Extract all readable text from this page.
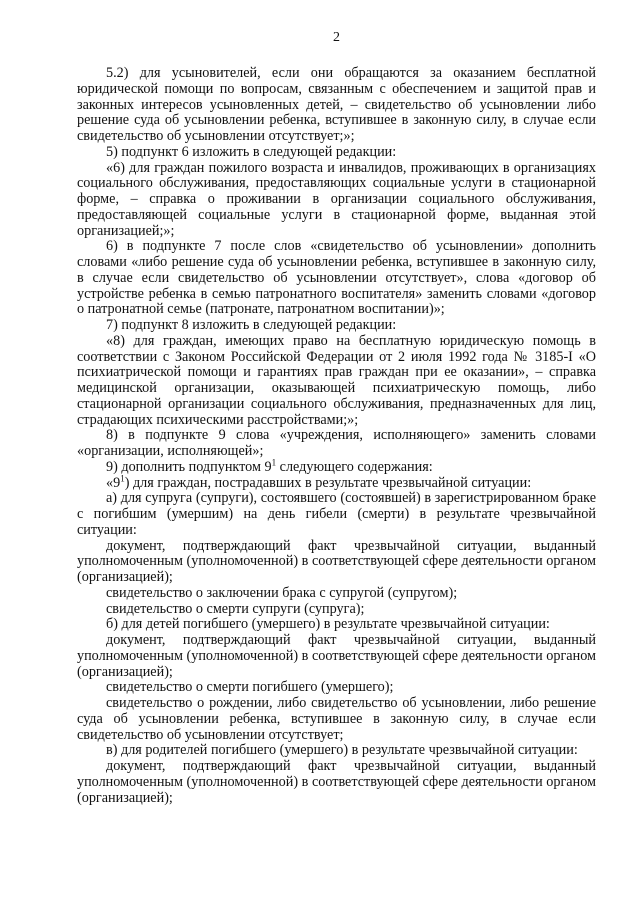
2

5.2) для усыновителей, если они обращаются за оказанием бесплатной юридической помощи по вопросам, связанным с обеспечением и защитой прав и законных интересов усыновленных детей, – свидетельство об усыновлении либо решение суда об усыновлении ребенка, вступившее в законную силу, в случае если свидетельство об усыновлении отсутствует;»;

5) подпункт 6 изложить в следующей редакции:

«6) для граждан пожилого возраста и инвалидов, проживающих в организациях социального обслуживания, предоставляющих социальные услуги в стационарной форме, – справка о проживании в организации социального обслуживания, предоставляющей социальные услуги в стационарной форме, выданная этой организацией;»;

6) в подпункте 7 после слов «свидетельство об усыновлении» дополнить словами «либо решение суда об усыновлении ребенка, вступившее в законную силу, в случае если свидетельство об усыновлении отсутствует», слова «договор об устройстве ребенка в семью патронатного воспитателя» заменить словами «договор о патронатной семье (патронате, патронатном воспитании)»;

7) подпункт 8 изложить в следующей редакции:

«8) для граждан, имеющих право на бесплатную юридическую помощь в соответствии с Законом Российской Федерации от 2 июля 1992 года № 3185-I «О психиатрической помощи и гарантиях прав граждан при ее оказании», – справка медицинской организации, оказывающей психиатрическую помощь, либо стационарной организации социального обслуживания, предназначенных для лиц, страдающих психическими расстройствами;»;

8) в подпункте 9 слова «учреждения, исполняющего» заменить словами «организации, исполняющей»;

9) дополнить подпунктом $9^1$ следующего содержания:

«$9^1$) для граждан, пострадавших в результате чрезвычайной ситуации:

а) для супруга (супруги), состоявшего (состоявшей) в зарегистрированном браке с погибшим (умершим) на день гибели (смерти) в результате чрезвычайной ситуации:

документ, подтверждающий факт чрезвычайной ситуации, выданный уполномоченным (уполномоченной) в соответствующей сфере деятельности органом (организацией);

свидетельство о заключении брака с супругой (супругом);

свидетельство о смерти супруги (супруга);

б) для детей погибшего (умершего) в результате чрезвычайной ситуации:

документ, подтверждающий факт чрезвычайной ситуации, выданный уполномоченным (уполномоченной) в соответствующей сфере деятельности органом (организацией);

свидетельство о смерти погибшего (умершего);

свидетельство о рождении, либо свидетельство об усыновлении, либо решение суда об усыновлении ребенка, вступившее в законную силу, в случае если свидетельство об усыновлении отсутствует;

в) для родителей погибшего (умершего) в результате чрезвычайной ситуации:

документ, подтверждающий факт чрезвычайной ситуации, выданный уполномоченным (уполномоченной) в соответствующей сфере деятельности органом (организацией);
